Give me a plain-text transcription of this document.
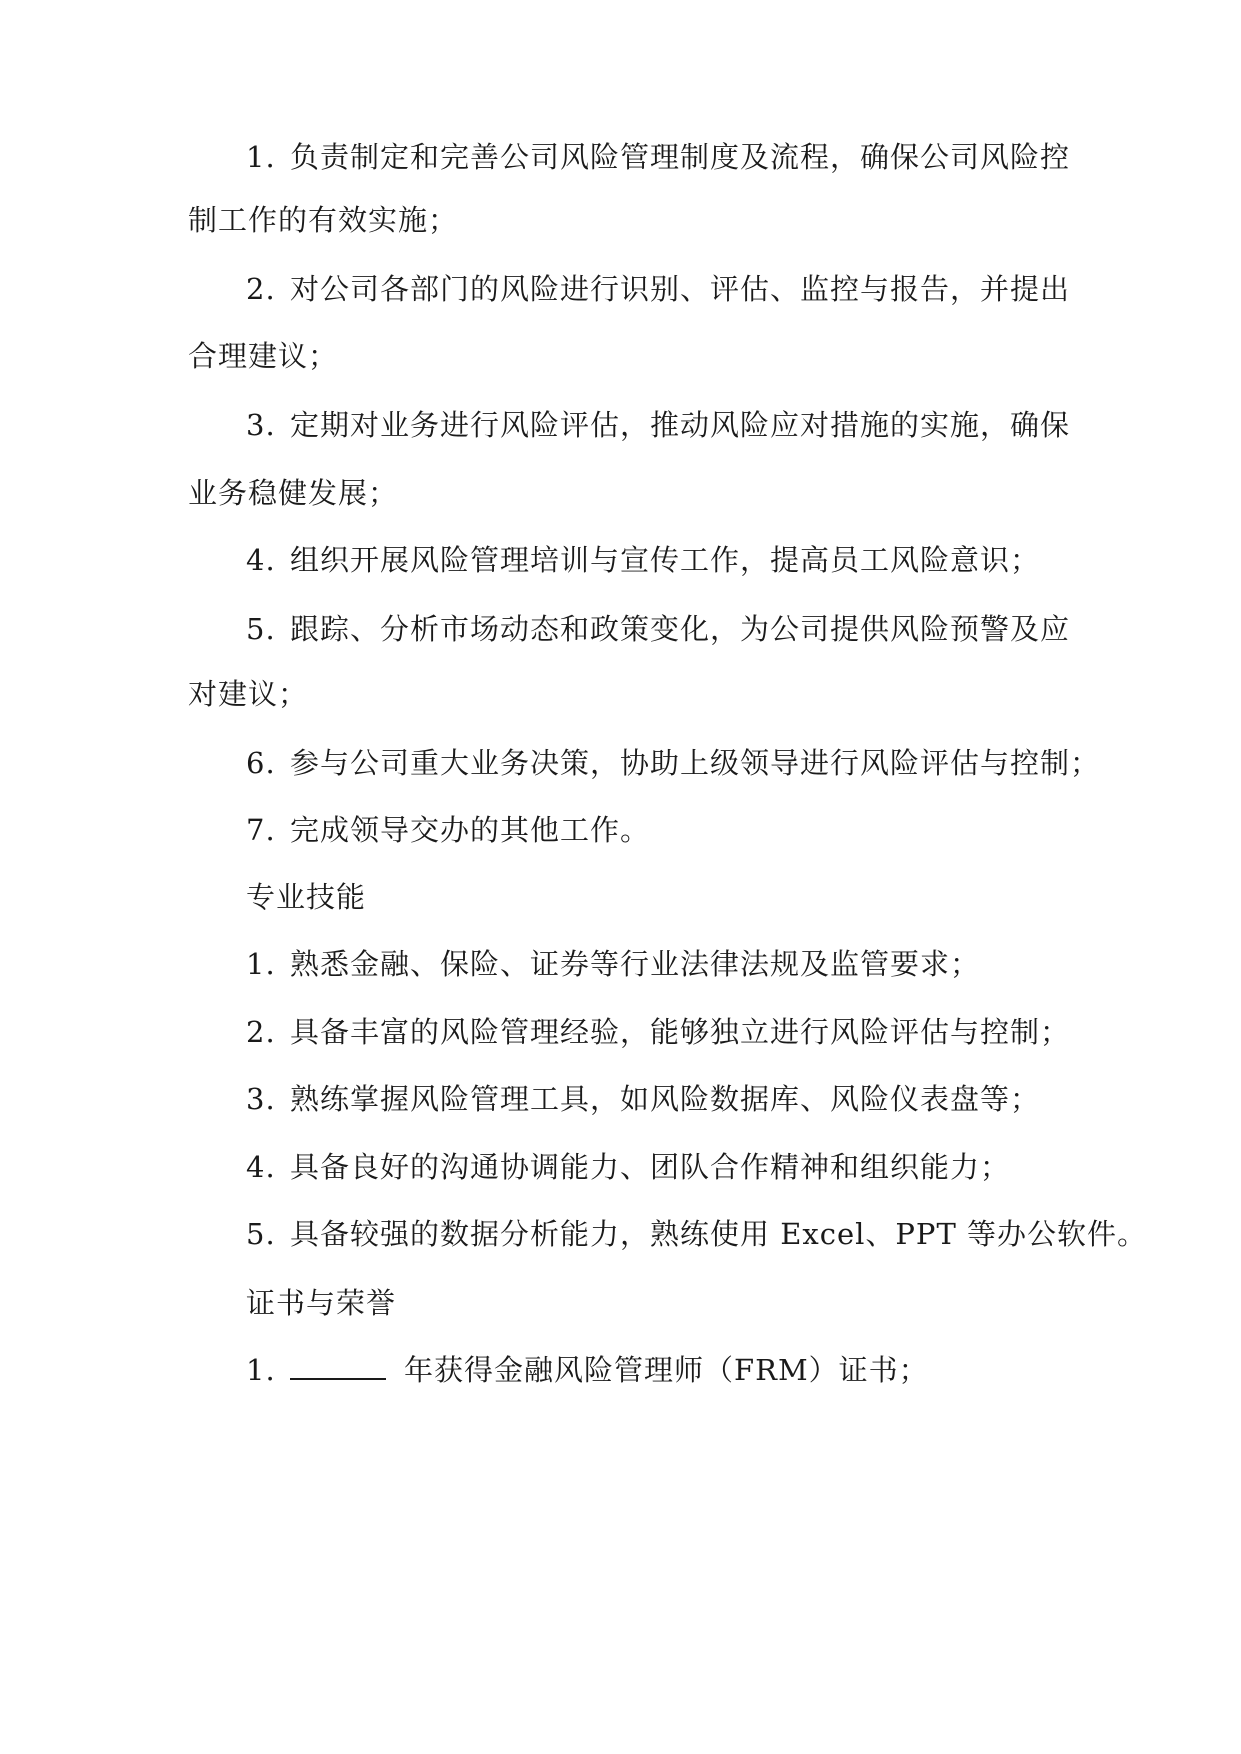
1. 负责制定和完善公司风险管理制度及流程，确保公司风险控
制工作的有效实施；
2. 对公司各部门的风险进行识别、评估、监控与报告，并提出
合理建议；
3. 定期对业务进行风险评估，推动风险应对措施的实施，确保
业务稳健发展；
4. 组织开展风险管理培训与宣传工作，提高员工风险意识；
5. 跟踪、分析市场动态和政策变化，为公司提供风险预警及应
对建议；
6. 参与公司重大业务决策，协助上级领导进行风险评估与控制；
7. 完成领导交办的其他工作。
专业技能
1. 熟悉金融、保险、证券等行业法律法规及监管要求；
2. 具备丰富的风险管理经验，能够独立进行风险评估与控制；
3. 熟练掌握风险管理工具，如风险数据库、风险仪表盘等；
4. 具备良好的沟通协调能力、团队合作精神和组织能力；
5. 具备较强的数据分析能力，熟练使用 Excel、PPT 等办公软件。
证书与荣誉
1.	年获得金融风险管理师（FRM）证书；
